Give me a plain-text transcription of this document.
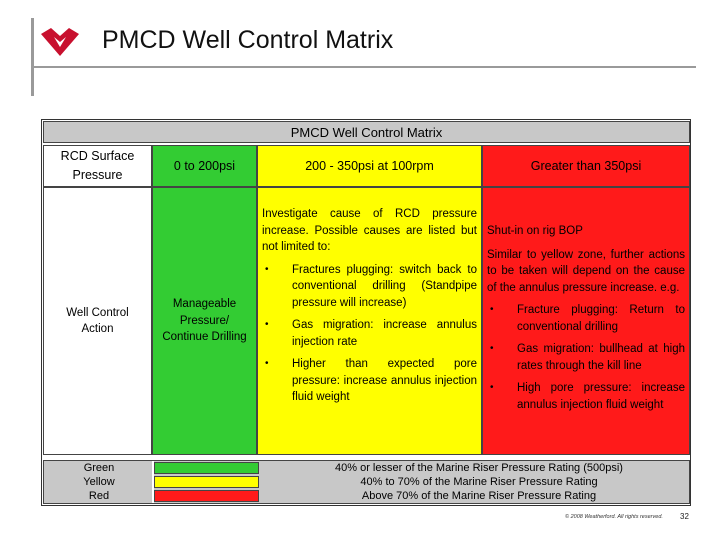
PMCD Well Control Matrix
PMCD Well Control Matrix
RCD Surface Pressure
0 to 200psi	200 - 350psi at 100rpm	Greater than 350psi
Well Control Action
Manageable Pressure/ Continue Drilling
Investigate cause of RCD pressure increase. Possible causes are listed but not limited to:
• Fractures plugging: switch back to conventional drilling (Standpipe pressure will increase)
• Gas migration: increase annulus injection rate
• Higher than expected pore pressure: increase annulus injection fluid weight
Shut-in on rig BOP
Similar to yellow zone, further actions to be taken will depend on the cause of the annulus pressure increase. e.g.
• Fracture plugging: Return to conventional drilling
• Gas migration: bullhead at high rates through the kill line
• High pore pressure: increase annulus injection fluid weight
Green
Yellow
Red
40% or lesser of the Marine Riser Pressure Rating (500psi)
40% to 70% of the Marine Riser Pressure Rating
Above 70% of the Marine Riser Pressure Rating
© 2008 Weatherford. All rights reserved. 32
